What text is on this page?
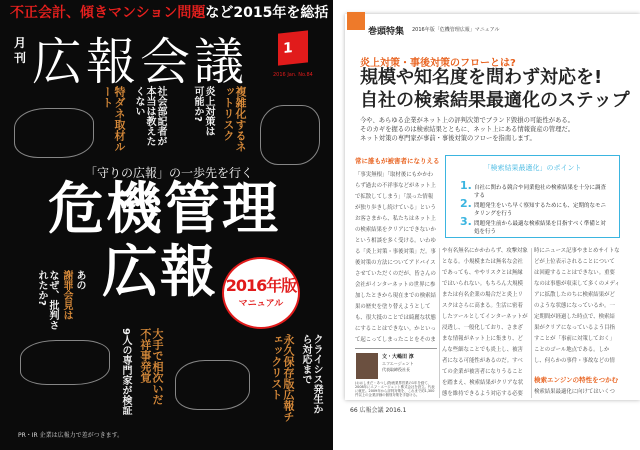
不正会計、傾きマンション問題など2015年を総括
月刊 広報会議	1
2016 Jan. No.84
社会部記者が本当は教えたくない
特ダネ取材ルート	複雑化するネットリスク
炎上対策は可能か?
「守りの広報」の一歩先を行く
危機管理
広報 2016年版
マニュアル
あの
謝罪会見は
なぜ、批判されたか?
大手で相次いだ不祥事発覚
9人の専門家が検証	クライシス発生から対応まで
永久保存版広報チェックリスト
PR・IR 企業は広報力で差がつきます。
巻頭特集 2016年版「危機管理広報」マニュアル
炎上対策・事後対策のフローとは?
規模や知名度を問わず対応を!
自社の検索結果最適化のステップ
今や、あらゆる企業がネット上の評判次第でブランド毀損の可能性がある。
そのカギを握るのは検索結果とともに、ネット上にある情報資産の管理だ。
ネット対策の専門家が事前・事後対策のフローを指南します。
常に誰もが被害者になりえる
「事実無根」「取材後にもかかわらず過去の不祥事などがネット上で拡散してしまう」「誤った情報が独り歩きし続けている」というお客さまから、私たちはネット上の検索結果をクリアにできないかという相談を多く受ける。いわゆる「炎上対策・事後対策」だ。事後対策の方法についてアドバイスさせていただくのだが、皆さんの会社がインターネットの世界に参加したときから現在までの検索結果の歴史を塗り替えようとしても、很大抵のことでは綺麗な状態にすることはできない。かといって起こってしまったことをそのま
や有名無名にかかわらず、攻撃対象となる。小規模または無名な会社であっても、ややリスクとは無縁ではいられない。もちろん大規模または有名企業の場合だと炎上リスクはさらに高まる。生活に密着したツールとしてインターネットが浸透し、一般化しており、さまざまな情報がネット上に集まり、どんな些細なことでも炎上し、被害者になる可能性があるのだ。すべての企業が被害者になりうることを踏まえ、検索結果がクリアな状態を維持できるよう対応する必要
時にニュース記事やまとめサイトなどが上位表示されることについては回避することはできない。重要なのは事態が収束して多くのメディアに拡散したのちに検索結果がどのような状態になっているか。一定期間が経過した時点で、検索結果がクリアになっているよう目指すことが「事前に対策しておく」ことのゴール地点である。しかし、何らかの事件・事故などの情
検索エンジンの特性をつかむ
検索結果最適化に向けてはいくつ
「検索結果最適化」のポイント
1. 自社に関わる競合や同業他社の検索結果を十分に調査する
2. 問題発生をいち早く察知するためにも、定期的なモニタリングを行う
3. 問題発生前から最適な検索結果を目指すべく準備と対処を行う
文・大嶋田 淳
エフエージェント
代表取締役社長
(おおしまだ・あつし)物流業界営業の1年を経て、2008年にエフ・エージェント株式会社を設立。代表に就任。2009年から評判対策を、これまで約1,300件以上の企業評価の個別対策を手掛ける。
66 広報会議 2016.1
